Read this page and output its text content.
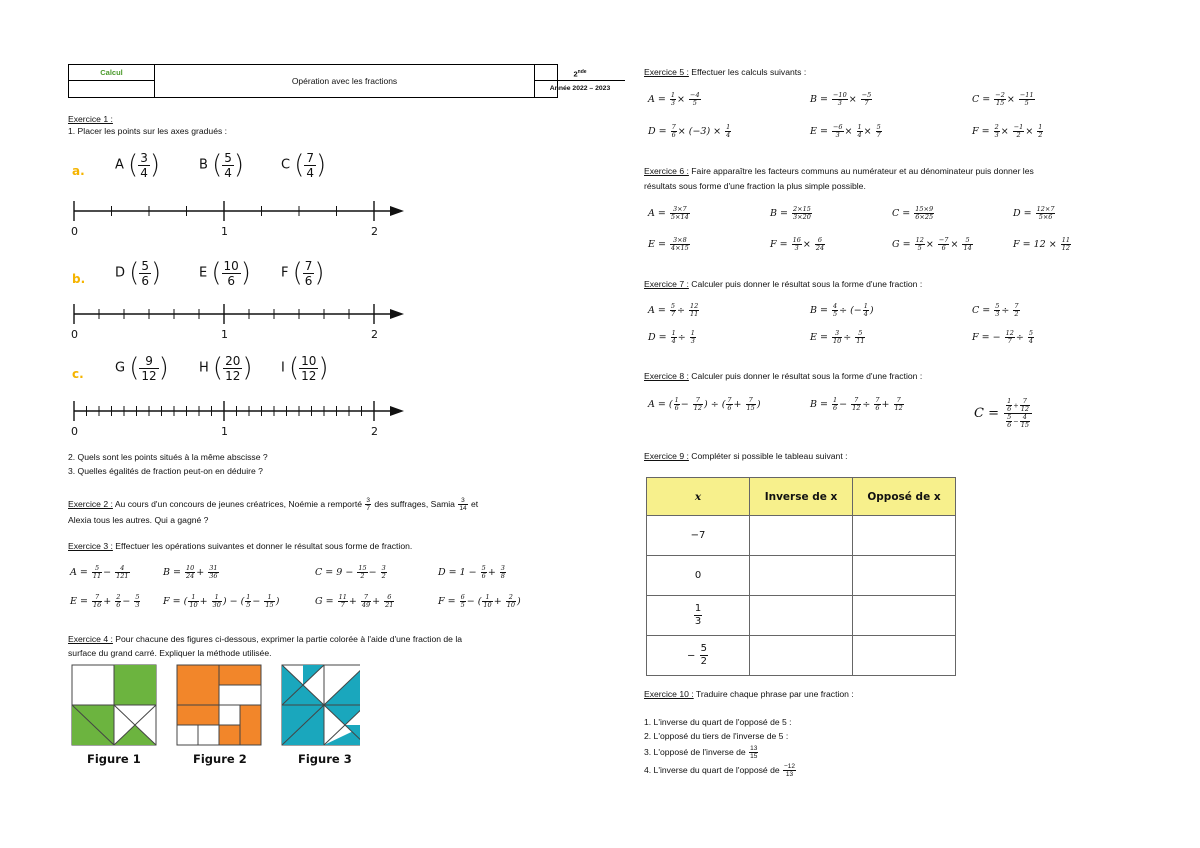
Calcul
Opération avec les fractions
2nde
Année 2022 – 2023
Exercice 1 :
1. Placer les points sur les axes gradués :
a. A ( $\frac{3}{4}$ )	B ( $\frac{5}{4}$ )	C ( $\frac{7}{4}$ )
0	1	2
b. D ( $\frac{5}{6}$ )	E ( $\frac{10}{6}$ ) F ( $\frac{7}{6}$ )
0	1	2
c. G ( $\frac{9}{12}$ ) H ( $\frac{20}{12}$ ) I ( $\frac{10}{12}$ )
0	1	2
2. Quels sont les points situés à la même abscisse ?
3. Quelles égalités de fraction peut-on en déduire ?
Exercice 2 : Au cours d'un concours de jeunes créatrices, Noémie a remporté $\frac{3}{7}$ des suffrages, Samia $\frac{3}{14}$ et
Alexia tous les autres. Qui a gagné ?
Exercice 3 : Effectuer les opérations suivantes et donner le résultat sous forme de fraction.
$A = \frac{5}{11} - \frac{4}{121}$	$B = \frac{10}{24} + \frac{31}{36}$	$C = 9 - \frac{15}{2} - \frac{3}{2}$	$D = 1 - \frac{5}{6} + \frac{3}{8}$
$E = \frac{7}{16} + \frac{2}{6} - \frac{5}{3}$ F = ( $\frac{1}{10} + \frac{1}{30}$ ) − ( $\frac{1}{5} - \frac{1}{15}$ )	$G = \frac{11}{7} + \frac{7}{49} + \frac{6}{21}$	$F = \frac{6}{5}$ − ( $\frac{1}{10} + \frac{2}{10}$ )
Exercice 4 : Pour chacune des figures ci-dessous, exprimer la partie colorée à l'aide d'une fraction de la
surface du grand carré. Expliquer la méthode utilisée.
Figure 1	Figure 2	Figure 3
Exercice 5 : Effectuer les calculs suivants :
$A = \frac{1}{3} \times \frac{-4}{5}$	$B = \frac{-10}{3} \times \frac{-5}{7}$	$C = \frac{-2}{15} \times \frac{-11}{5}$
$D = \frac{7}{6} \times (-3) \times \frac{1}{4}$	$E = \frac{-6}{3} \times \frac{1}{4} \times \frac{5}{7}$	$F = \frac{2}{3} \times \frac{-1}{2} \times \frac{1}{2}$
Exercice 6 : Faire apparaître les facteurs communs au numérateur et au dénominateur puis donner les
résultats sous forme d'une fraction la plus simple possible.
$A = \frac{3\times 7}{5\times 14}$	$B = \frac{2\times 15}{3\times 20}$	$C = \frac{15\times 9}{6\times 25}$	$D = \frac{12\times 7}{5\times 6}$
$E = \frac{3\times 8}{4\times 15}$	$F = \frac{16}{3} \times \frac{6}{24}$	$G = \frac{12}{5} \times \frac{-7}{6} \times \frac{5}{14}$	$F = 12 \times \frac{11}{12}$
Exercice 7 : Calculer puis donner le résultat sous la forme d'une fraction :
$A = \frac{5}{7} \div \frac{12}{11}$	$B = \frac{4}{5}$ ÷ (− $\frac{1}{4}$ )	$C = \frac{5}{3} \div \frac{7}{2}$
$D = \frac{1}{4} \div \frac{1}{3}$	$E = \frac{3}{10} \div \frac{5}{11}$	F = − $\frac{12}{7} \div \frac{5}{4}$
Exercice 8 : Calculer puis donner le résultat sous la forme d'une fraction :
A = ( $\frac{1}{6} - \frac{7}{12}$ ) ÷ ( $\frac{7}{6} + \frac{7}{15}$ )	$B = \frac{1}{6} - \frac{7}{12} \div \frac{7}{6} + \frac{7}{12}$
$C = \frac{\frac{1}{6} + \frac{7}{12}}{\frac{5}{6} - \frac{4}{15}}$
Exercice 9 : Compléter si possible le tableau suivant :
x	Inverse de x	Opposé de x
−7		
0		

$\frac{1}{3}$

− $\frac{5}{2}$

Exercice 10 : Traduire chaque phrase par une fraction :
1. L'inverse du quart de l'opposé de 5 :
2. L'opposé du tiers de l'inverse de 5 :
3. L'opposé de l'inverse de $\frac{13}{15}$
4. L'inverse du quart de l'opposé de $\frac{-12}{13}$
